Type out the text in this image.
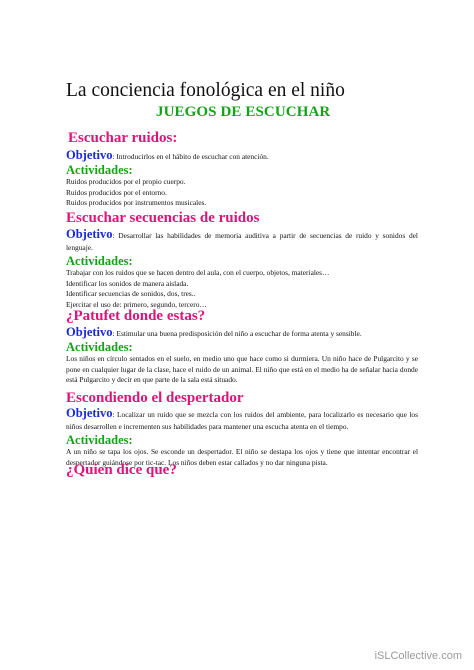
La conciencia fonológica en el niño
JUEGOS DE ESCUCHAR
Escuchar ruidos:
Objetivo: Introducirlos en el hábito de escuchar con atención.
Actividades:
Ruidos producidos por el propio cuerpo.
Ruidos producidos por el entorno.
Ruidos producidos por instrumentos musicales.
Escuchar secuencias de ruidos
Objetivo: Desarrollar las habilidades de memoria auditiva a partir de secuencias de ruido y sonidos del lenguaje.
Actividades:
Trabajar con los ruidos que se hacen dentro del aula, con el cuerpo, objetos, materiales…
Identificar los sonidos de manera aislada.
Identificar secuencias de sonidos, dos, tres..
Ejercitar el uso de: primero, segundo, tercero…
¿Patufet donde estas?
Objetivo: Estimular una buena predisposición del niño a escuchar de forma atenta y sensible.
Actividades:
Los niños en círculo sentados en el suelo, en medio uno que hace como si durmiera. Un niño hace de Pulgarcito y se pone en cualquier lugar de la clase, hace el ruido de un animal. El niño que está en el medio ha de señalar hacia donde está Pulgarcito y decir en que parte de la sala está situado.
Escondiendo el despertador
Objetivo: Localizar un ruido que se mezcla con los ruidos del ambiente, para localizarlo es necesario que los niños desarrollen e incrementen sus habilidades para mantener una escucha atenta en el tiempo.
Actividades:
A un niño se tapa los ojos. Se esconde un despertador. El niño se destapa los ojos y tiene que intentar encontrar el despertador guiándose por tic-tac. Los niños deben estar callados y no dar ninguna pista.
¿Quien dice que?
iSLCollective.com
